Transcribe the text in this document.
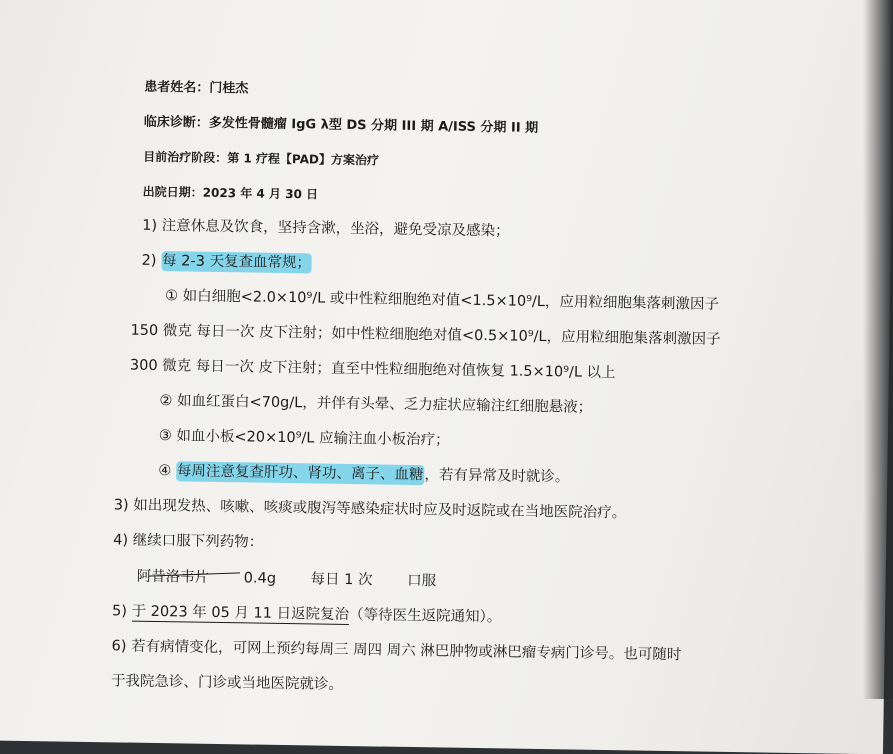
患者姓名：门桂杰
临床诊断：多发性骨髓瘤 IgG λ型 DS 分期 III 期 A/ISS 分期 II 期
目前治疗阶段：第 1 疗程【PAD】方案治疗
出院日期：2023 年 4 月 30 日
1) 注意休息及饮食，坚持含漱，坐浴，避免受凉及感染；
2) 每 2-3 天复查血常规；
① 如白细胞<2.0×10⁹/L 或中性粒细胞绝对值<1.5×10⁹/L，应用粒细胞集落刺激因子
150 微克 每日一次 皮下注射；如中性粒细胞绝对值<0.5×10⁹/L，应用粒细胞集落刺激因子
300 微克 每日一次 皮下注射；直至中性粒细胞绝对值恢复 1.5×10⁹/L 以上
② 如血红蛋白<70g/L，并伴有头晕、乏力症状应输注红细胞悬液；
③ 如血小板<20×10⁹/L 应输注血小板治疗；
④ 每周注意复查肝功、肾功、离子、血糖，若有异常及时就诊。
3) 如出现发热、咳嗽、咳痰或腹泻等感染症状时应及时返院或在当地医院治疗。
4) 继续口服下列药物：
阿昔洛韦片 0.4g 每日 1 次 口服
5) 于 2023 年 05 月 11 日返院复治（等待医生返院通知）。
6) 若有病情变化，可网上预约每周三 周四 周六 淋巴肿物或淋巴瘤专病门诊号。也可随时
于我院急诊、门诊或当地医院就诊。
